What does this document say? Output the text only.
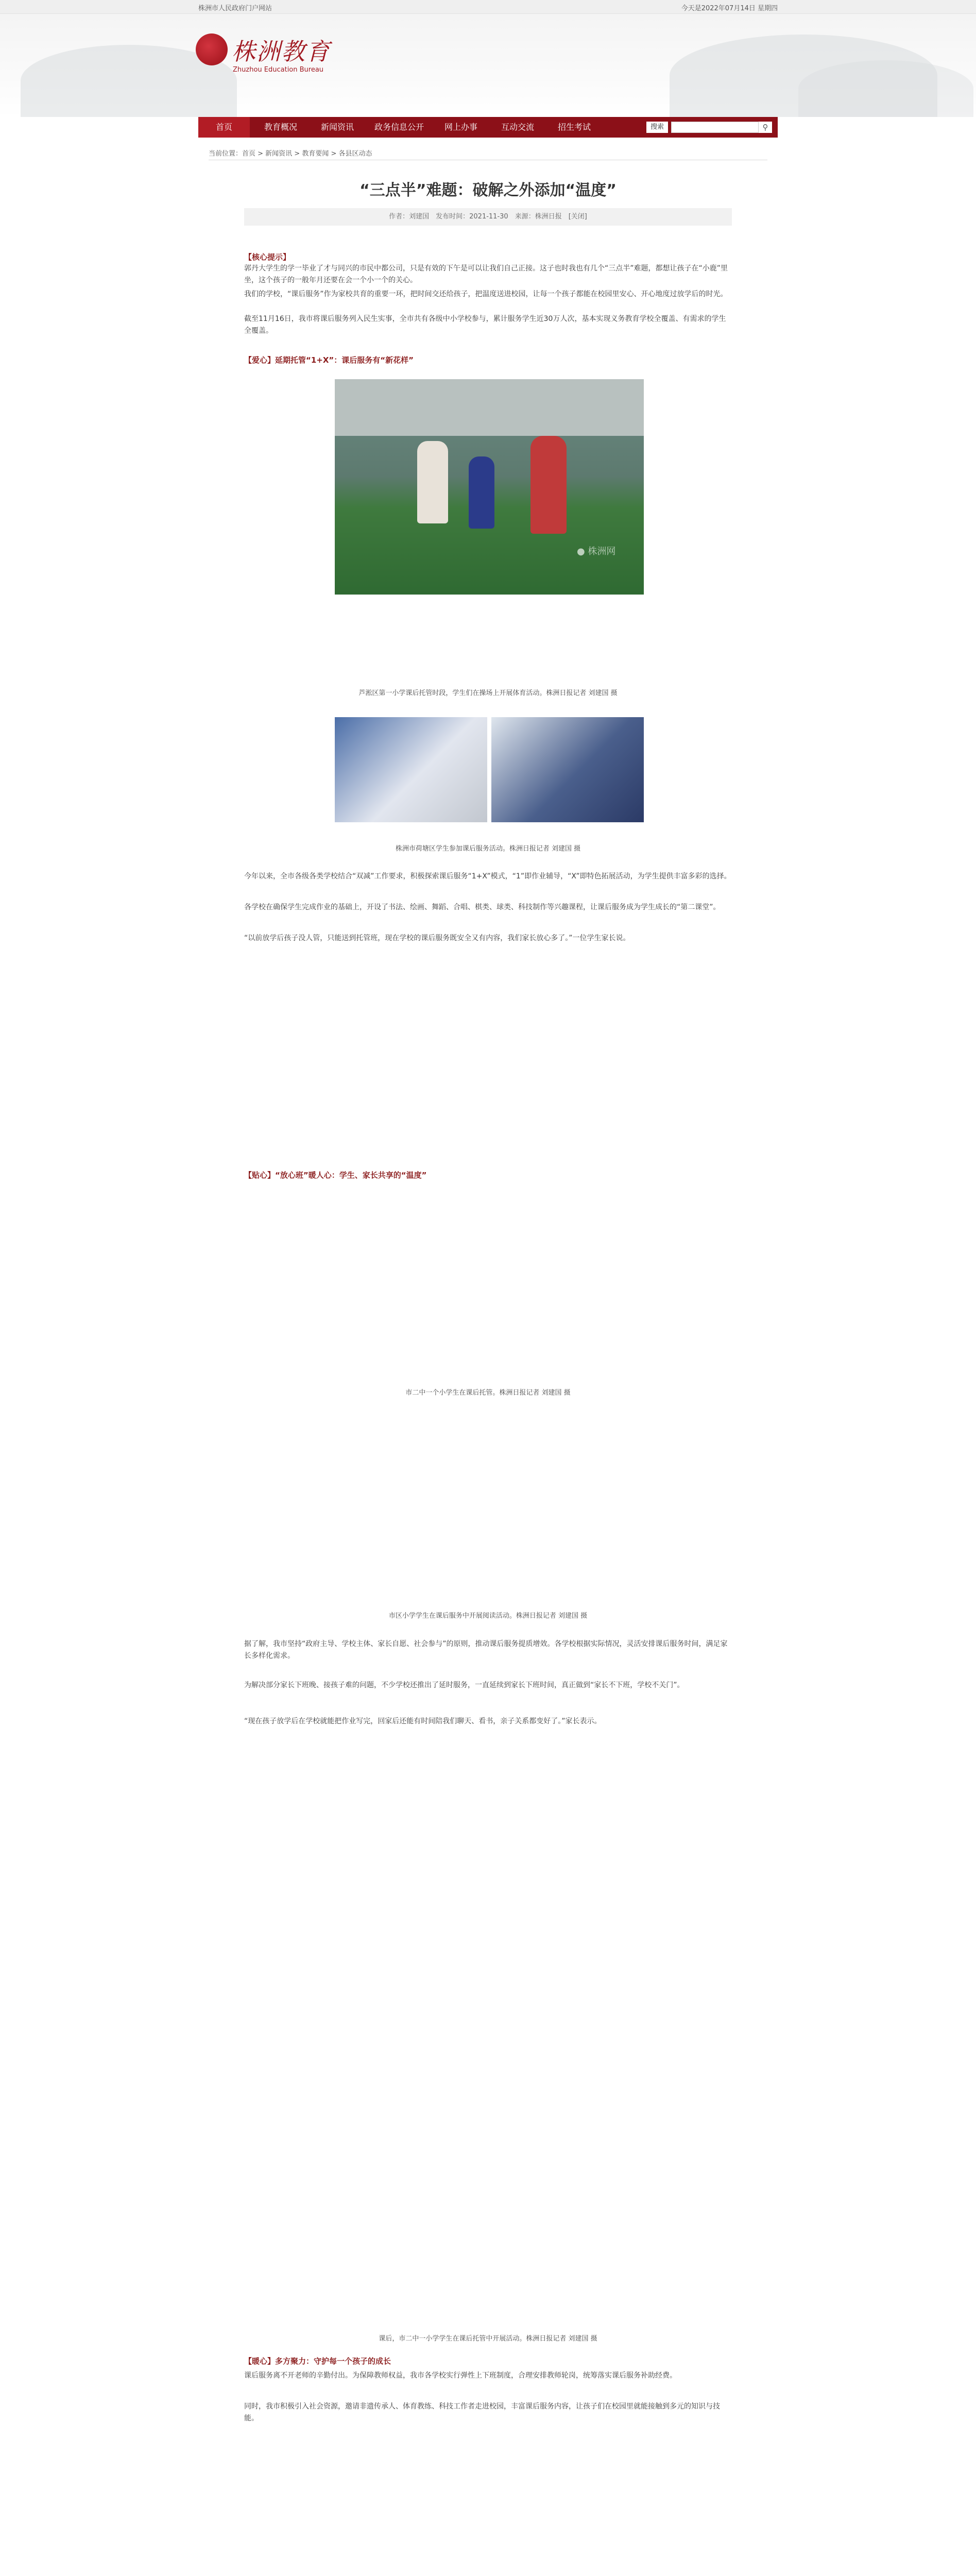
株洲市人民政府门户网站	今天是2022年07月14日 星期四
株洲教育
Zhuzhou Education Bureau
首页	教育概况	新闻资讯	政务信息公开	网上办事	互动交流	招生考试	搜索	⚲
当前位置：首页 > 新闻资讯 > 教育要闻 > 各县区动态
“三点半”难题：破解之外添加“温度”
作者：刘建国　发布时间：2021-11-30　来源：株洲日报　[关闭]

【核心提示】

郭丹大学生的学一毕业了才与同兴的市民中都公司，只是有效的下午是可以让我们自己正接。这子也时我也有几个“三点半”难题，都想让孩子在“小鹿”里坐，这个孩子的一般年月还要在会一个小一个的关心。

我们的学校，“课后服务”作为家校共育的重要一环，把时间交还给孩子，把温度送进校园，让每一个孩子都能在校园里安心、开心地度过放学后的时光。

截至11月16日，我市将课后服务列入民生实事，全市共有各级中小学校参与，累计服务学生近30万人次，基本实现义务教育学校全覆盖、有需求的学生全覆盖。

【爱心】延期托管“1+X”：课后服务有“新花样”

● 株洲网
芦淞区第一小学课后托管时段，学生们在操场上开展体育活动。株洲日报记者 刘建国 摄
株洲市荷塘区学生参加课后服务活动。株洲日报记者 刘建国 摄

今年以来，全市各级各类学校结合“双减”工作要求，积极探索课后服务“1+X”模式，“1”即作业辅导，“X”即特色拓展活动，为学生提供丰富多彩的选择。

各学校在确保学生完成作业的基础上，开设了书法、绘画、舞蹈、合唱、棋类、球类、科技制作等兴趣课程，让课后服务成为学生成长的“第二课堂”。

“以前放学后孩子没人管，只能送到托管班，现在学校的课后服务既安全又有内容，我们家长放心多了。”一位学生家长说。

【贴心】“放心班”暖人心：学生、家长共享的“温度”

市二中一个小学生在课后托管。株洲日报记者 刘建国 摄
市区小学学生在课后服务中开展阅读活动。株洲日报记者 刘建国 摄

据了解，我市坚持“政府主导、学校主体、家长自愿、社会参与”的原则，推动课后服务提质增效。各学校根据实际情况，灵活安排课后服务时间，满足家长多样化需求。

为解决部分家长下班晚、接孩子难的问题，不少学校还推出了延时服务，一直延续到家长下班时间，真正做到“家长不下班，学校不关门”。

“现在孩子放学后在学校就能把作业写完，回家后还能有时间陪我们聊天、看书，亲子关系都变好了。”家长表示。

课后，市二中一小学学生在课后托管中开展活动。株洲日报记者 刘建国 摄

【暖心】多方聚力：守护每一个孩子的成长

课后服务离不开老师的辛勤付出。为保障教师权益，我市各学校实行弹性上下班制度，合理安排教师轮岗，统筹落实课后服务补助经费。

同时，我市积极引入社会资源，邀请非遗传承人、体育教练、科技工作者走进校园，丰富课后服务内容，让孩子们在校园里就能接触到多元的知识与技能。
